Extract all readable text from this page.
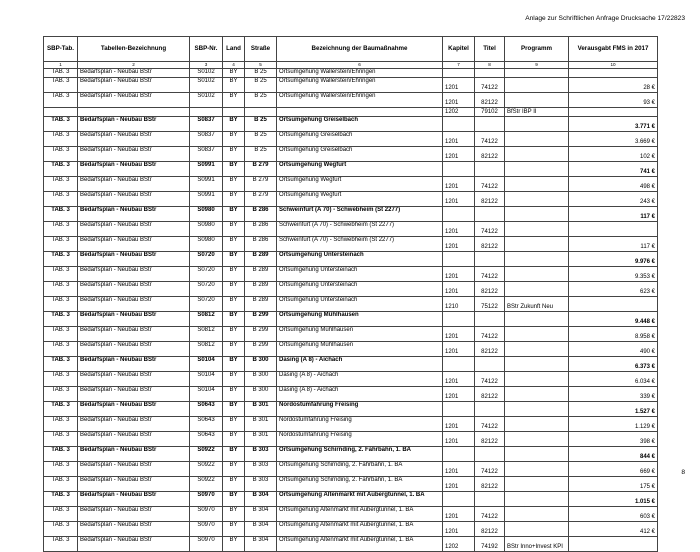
Anlage zur Schriftlichen Anfrage Drucksache 17/22823
SBP-Tab.	Tabellen-Bezeichnung	SBP-Nr.	Land	Straße	Bezeichnung der Baumaßnahme	Kapitel	Titel	Programm	Verausgabt FMS in 2017
1	2	3	4	5	6	7	8	9	10
TAB. 3	Bedarfsplan - Neubau BStr	S0102	BY	B 25	Ortsumgehung Wallerstein/Ehringen				
TAB. 3	Bedarfsplan - Neubau BStr	S0102	BY	B 25	Ortsumgehung Wallerstein/Ehringen	1201	74122		28 €
TAB. 3	Bedarfsplan - Neubau BStr	S0102	BY	B 25	Ortsumgehung Wallerstein/Ehringen	1201	82122		93 €
						1202	79102	BfStr IBP II	
TAB. 3	Bedarfsplan - Neubau BStr	S0837	BY	B 25	Ortsumgehung Greiselbach				3.771 €
TAB. 3	Bedarfsplan - Neubau BStr	S0837	BY	B 25	Ortsumgehung Greiselbach	1201	74122		3.669 €
TAB. 3	Bedarfsplan - Neubau BStr	S0837	BY	B 25	Ortsumgehung Greiselbach	1201	82122		102 €
TAB. 3	Bedarfsplan - Neubau BStr	S0991	BY	B 279	Ortsumgehung Wegfurt				741 €
TAB. 3	Bedarfsplan - Neubau BStr	S0991	BY	B 279	Ortsumgehung Wegfurt	1201	74122		498 €
TAB. 3	Bedarfsplan - Neubau BStr	S0991	BY	B 279	Ortsumgehung Wegfurt	1201	82122		243 €
TAB. 3	Bedarfsplan - Neubau BStr	S0980	BY	B 286	Schweinfurt (A 70) - Schwebheim (St 2277)				117 €
TAB. 3	Bedarfsplan - Neubau BStr	S0980	BY	B 286	Schweinfurt (A 70) - Schwebheim (St 2277)	1201	74122		
TAB. 3	Bedarfsplan - Neubau BStr	S0980	BY	B 286	Schweinfurt (A 70) - Schwebheim (St 2277)	1201	82122		117 €
TAB. 3	Bedarfsplan - Neubau BStr	S0720	BY	B 289	Ortsumgehung Untersteinach				9.976 €
TAB. 3	Bedarfsplan - Neubau BStr	S0720	BY	B 289	Ortsumgehung Untersteinach	1201	74122		9.353 €
TAB. 3	Bedarfsplan - Neubau BStr	S0720	BY	B 289	Ortsumgehung Untersteinach	1201	82122		623 €
TAB. 3	Bedarfsplan - Neubau BStr	S0720	BY	B 289	Ortsumgehung Untersteinach	1210	75122	BStr Zukunft Neu	
TAB. 3	Bedarfsplan - Neubau BStr	S0812	BY	B 299	Ortsumgehung Mühlhausen				9.448 €
TAB. 3	Bedarfsplan - Neubau BStr	S0812	BY	B 299	Ortsumgehung Mühlhausen	1201	74122		8.958 €
TAB. 3	Bedarfsplan - Neubau BStr	S0812	BY	B 299	Ortsumgehung Mühlhausen	1201	82122		490 €
TAB. 3	Bedarfsplan - Neubau BStr	S0104	BY	B 300	Dasing (A 8) - Aichach				6.373 €
TAB. 3	Bedarfsplan - Neubau BStr	S0104	BY	B 300	Dasing (A 8) - Aichach	1201	74122		6.034 €
TAB. 3	Bedarfsplan - Neubau BStr	S0104	BY	B 300	Dasing (A 8) - Aichach	1201	82122		339 €
TAB. 3	Bedarfsplan - Neubau BStr	S0643	BY	B 301	Nordostumfahrung Freising				1.527 €
TAB. 3	Bedarfsplan - Neubau BStr	S0643	BY	B 301	Nordostumfahrung Freising	1201	74122		1.129 €
TAB. 3	Bedarfsplan - Neubau BStr	S0643	BY	B 301	Nordostumfahrung Freising	1201	82122		398 €
TAB. 3	Bedarfsplan - Neubau BStr	S0922	BY	B 303	Ortsumgehung Schirnding, 2. Fahrbahn, 1. BA				844 €
TAB. 3	Bedarfsplan - Neubau BStr	S0922	BY	B 303	Ortsumgehung Schirnding, 2. Fahrbahn, 1. BA	1201	74122		669 €
TAB. 3	Bedarfsplan - Neubau BStr	S0922	BY	B 303	Ortsumgehung Schirnding, 2. Fahrbahn, 1. BA	1201	82122		175 €
TAB. 3	Bedarfsplan - Neubau BStr	S0970	BY	B 304	Ortsumgehung Altenmarkt mit Aubergtunnel, 1. BA				1.015 €
TAB. 3	Bedarfsplan - Neubau BStr	S0970	BY	B 304	Ortsumgehung Altenmarkt mit Aubergtunnel, 1. BA	1201	74122		603 €
TAB. 3	Bedarfsplan - Neubau BStr	S0970	BY	B 304	Ortsumgehung Altenmarkt mit Aubergtunnel, 1. BA	1201	82122		412 €
TAB. 3	Bedarfsplan - Neubau BStr	S0970	BY	B 304	Ortsumgehung Altenmarkt mit Aubergtunnel, 1. BA	1202	74192	BStr Inno+Invest KPI	
8
